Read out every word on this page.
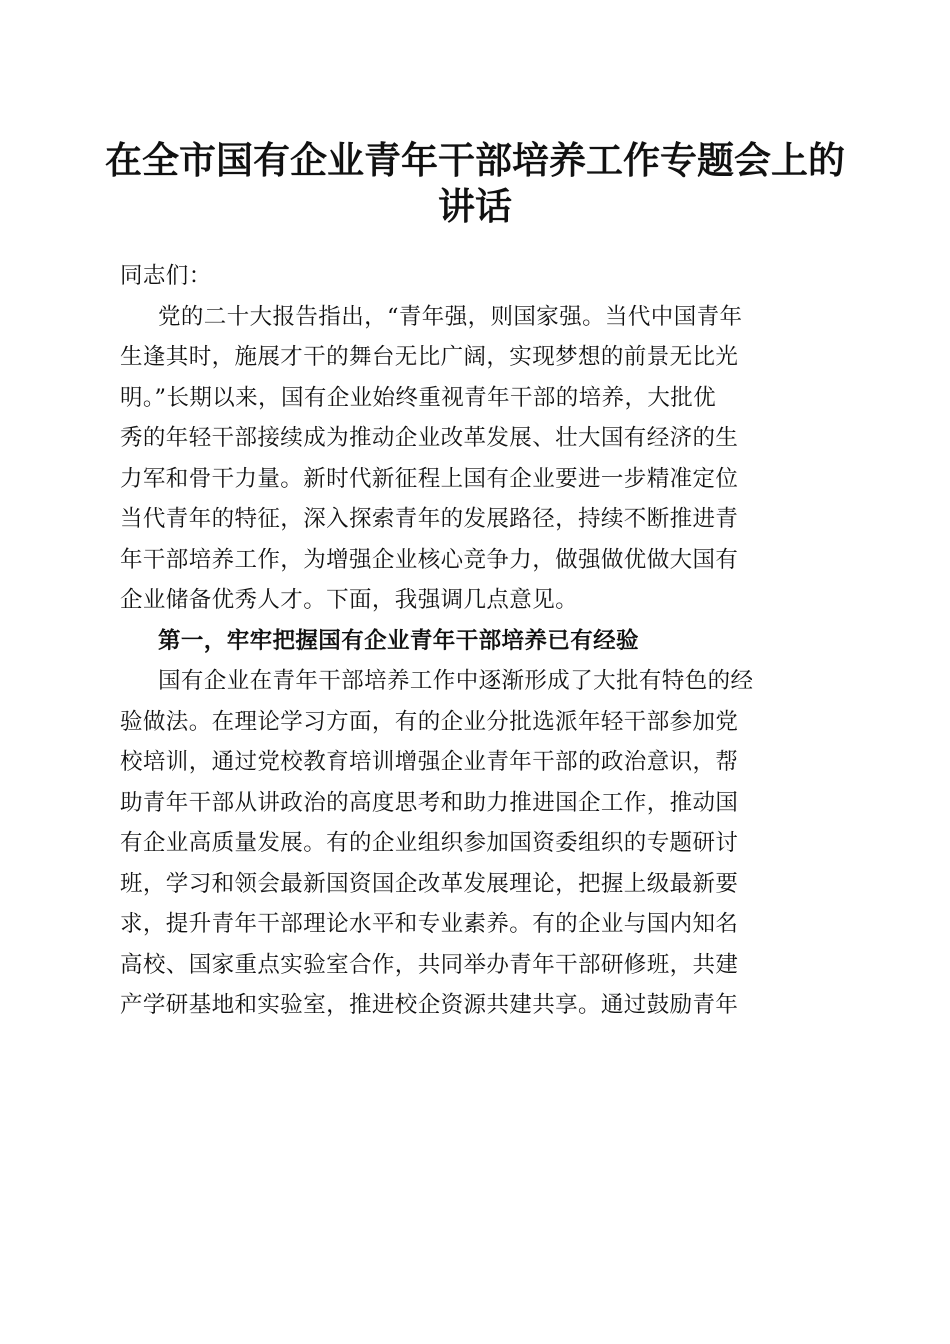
在全市国有企业青年干部培养工作专题会上的
讲话
同志们：
党的二十大报告指出，“青年强，则国家强。当代中国青年
生逢其时，施展才干的舞台无比广阔，实现梦想的前景无比光
明。”长期以来，国有企业始终重视青年干部的培养，大批优
秀的年轻干部接续成为推动企业改革发展、壮大国有经济的生
力军和骨干力量。新时代新征程上国有企业要进一步精准定位
当代青年的特征，深入探索青年的发展路径，持续不断推进青
年干部培养工作，为增强企业核心竞争力，做强做优做大国有
企业储备优秀人才。下面，我强调几点意见。
第一，牢牢把握国有企业青年干部培养已有经验
国有企业在青年干部培养工作中逐渐形成了大批有特色的经
验做法。在理论学习方面，有的企业分批选派年轻干部参加党
校培训，通过党校教育培训增强企业青年干部的政治意识，帮
助青年干部从讲政治的高度思考和助力推进国企工作，推动国
有企业高质量发展。有的企业组织参加国资委组织的专题研讨
班，学习和领会最新国资国企改革发展理论，把握上级最新要
求，提升青年干部理论水平和专业素养。有的企业与国内知名
高校、国家重点实验室合作，共同举办青年干部研修班，共建
产学研基地和实验室，推进校企资源共建共享。通过鼓励青年
